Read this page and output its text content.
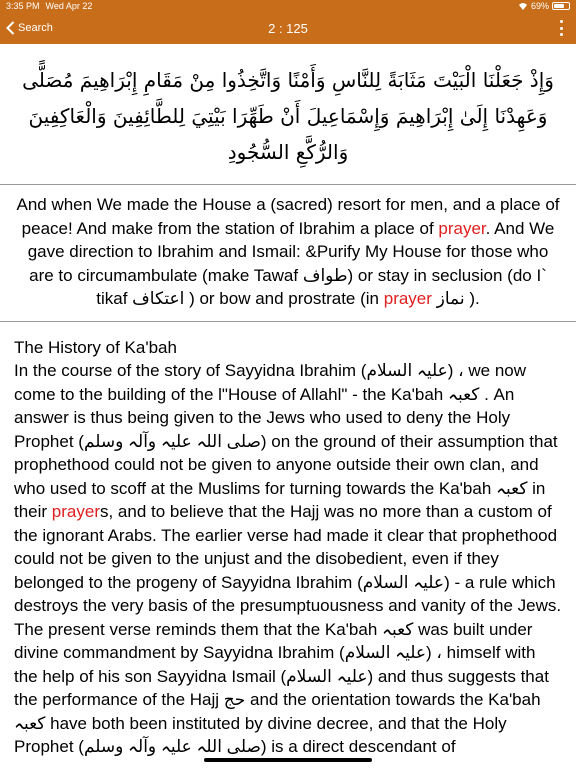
3:35 PM Wed Apr 22	69%
Search	2 : 125
وَإِذْ جَعَلْنَا الْبَيْتَ مَثَابَةً لِلنَّاسِ وَأَمْنًا وَاتَّخِذُوا مِنْ مَقَامِ إِبْرَاهِيمَ مُصَلًّى وَعَهِدْنَا إِلَىٰ إِبْرَاهِيمَ وَإِسْمَاعِيلَ أَنْ طَهِّرَا بَيْتِيَ لِلطَّائِفِينَ وَالْعَاكِفِينَ وَالرُّكَّعِ السُّجُودِ
And when We made the House a (sacred) resort for men, and a place of peace! And make from the station of Ibrahim a place of prayer. And We gave direction to Ibrahim and Ismail: &Purify My House for those who are to circumambulate (make Tawaf طواف) or stay in seclusion (do I` tikaf اعتكاف ) or bow and prostrate (in prayer نماز ).
The History of Ka'bah

In the course of the story of Sayyidna Ibrahim (عليہ السلام) ، we now come to the building of the l"House of Allahl" - the Ka'bah کعبہ . An answer is thus being given to the Jews who used to deny the Holy Prophet (صلی اللہ علیہ وآلہ وسلم) on the ground of their assumption that prophethood could not be given to anyone outside their own clan, and who used to scoff at the Muslims for turning towards the Ka'bah کعبہ in their prayers, and to believe that the Hajj was no more than a custom of the ignorant Arabs. The earlier verse had made it clear that prophethood could not be given to the unjust and the disobedient, even if they belonged to the progeny of Sayyidna Ibrahim (عليہ السلام) - a rule which destroys the very basis of the presumptuousness and vanity of the Jews. The present verse reminds them that the Ka'bah کعبہ was built under divine commandment by Sayyidna Ibrahim (عليہ السلام) ، himself with the help of his son Sayyidna Ismail (عليہ السلام) and thus suggests that the performance of the Hajj حج and the orientation towards the Ka'bah کعبہ have both been instituted by divine decree, and that the Holy Prophet (صلی اللہ علیہ وآلہ وسلم) is a direct descendant of
